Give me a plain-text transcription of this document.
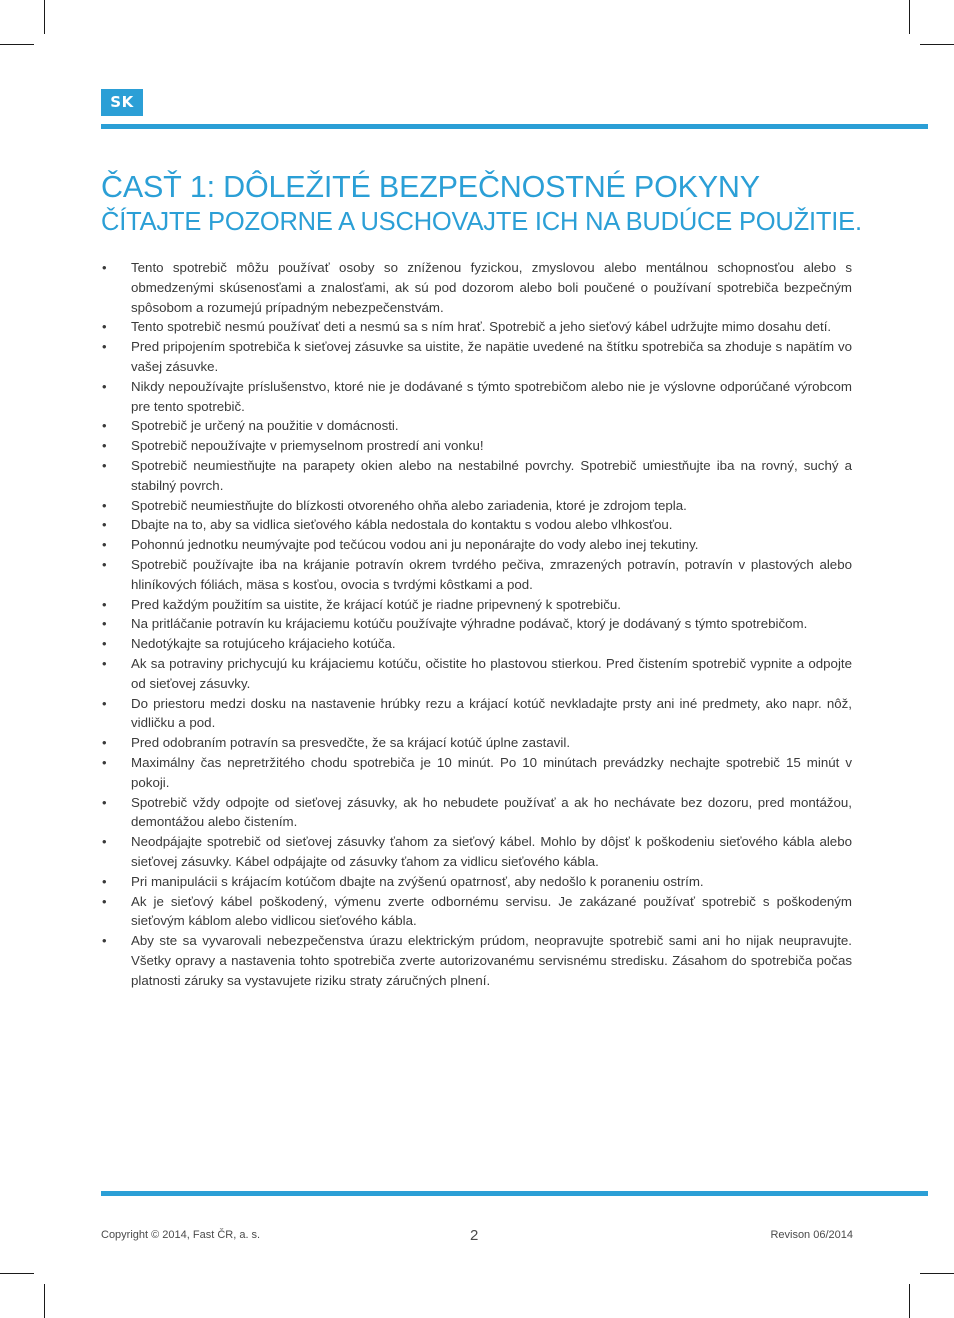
SK
ČASŤ 1: DÔLEŽITÉ BEZPEČNOSTNÉ POKYNY
ČÍTAJTE POZORNE A USCHOVAJTE ICH NA BUDÚCE POUŽITIE.
• Tento spotrebič môžu používať osoby so zníženou fyzickou, zmyslovou alebo mentálnou schopnosťou alebo s obmedzenými skúsenosťami a znalosťami, ak sú pod dozorom alebo boli poučené o používaní spotrebiča bezpečným spôsobom a rozumejú prípadným nebezpečenstvám.
• Tento spotrebič nesmú používať deti a nesmú sa s ním hrať. Spotrebič a jeho sieťový kábel udržujte mimo dosahu detí.
• Pred pripojením spotrebiča k sieťovej zásuvke sa uistite, že napätie uvedené na štítku spotrebiča sa zhoduje s napätím vo vašej zásuvke.
• Nikdy nepoužívajte príslušenstvo, ktoré nie je dodávané s týmto spotrebičom alebo nie je výslovne odporúčané výrobcom pre tento spotrebič.
• Spotrebič je určený na použitie v domácnosti.
• Spotrebič nepoužívajte v priemyselnom prostredí ani vonku!
• Spotrebič neumiestňujte na parapety okien alebo na nestabilné povrchy. Spotrebič umiestňujte iba na rovný, suchý a stabilný povrch.
• Spotrebič neumiestňujte do blízkosti otvoreného ohňa alebo zariadenia, ktoré je zdrojom tepla.
• Dbajte na to, aby sa vidlica sieťového kábla nedostala do kontaktu s vodou alebo vlhkosťou.
• Pohonnú jednotku neumývajte pod tečúcou vodou ani ju neponárajte do vody alebo inej tekutiny.
• Spotrebič používajte iba na krájanie potravín okrem tvrdého pečiva, zmrazených potravín, potravín v plastových alebo hliníkových fóliách, mäsa s kosťou, ovocia s tvrdými kôstkami a pod.
• Pred každým použitím sa uistite, že krájací kotúč je riadne pripevnený k spotrebiču.
• Na pritláčanie potravín ku krájaciemu kotúču používajte výhradne podávač, ktorý je dodávaný s týmto spotrebičom.
• Nedotýkajte sa rotujúceho krájacieho kotúča.
• Ak sa potraviny prichycujú ku krájaciemu kotúču, očistite ho plastovou stierkou. Pred čistením spotrebič vypnite a odpojte od sieťovej zásuvky.
• Do priestoru medzi dosku na nastavenie hrúbky rezu a krájací kotúč nevkladajte prsty ani iné predmety, ako napr. nôž, vidličku a pod.
• Pred odobraním potravín sa presvedčte, že sa krájací kotúč úplne zastavil.
• Maximálny čas nepretržitého chodu spotrebiča je 10 minút. Po 10 minútach prevádzky nechajte spotrebič 15 minút v pokoji.
• Spotrebič vždy odpojte od sieťovej zásuvky, ak ho nebudete používať a ak ho nechávate bez dozoru, pred montážou, demontážou alebo čistením.
• Neodpájajte spotrebič od sieťovej zásuvky ťahom za sieťový kábel. Mohlo by dôjsť k poškodeniu sieťového kábla alebo sieťovej zásuvky. Kábel odpájajte od zásuvky ťahom za vidlicu sieťového kábla.
• Pri manipulácii s krájacím kotúčom dbajte na zvýšenú opatrnosť, aby nedošlo k poraneniu ostrím.
• Ak je sieťový kábel poškodený, výmenu zverte odbornému servisu. Je zakázané používať spotrebič s poškodeným sieťovým káblom alebo vidlicou sieťového kábla.
• Aby ste sa vyvarovali nebezpečenstva úrazu elektrickým prúdom, neopravujte spotrebič sami ani ho nijak neupravujte. Všetky opravy a nastavenia tohto spotrebiča zverte autorizovanému servisnému stredisku. Zásahom do spotrebiča počas platnosti záruky sa vystavujete riziku straty záručných plnení.
Copyright © 2014, Fast ČR, a. s.	2	Revison 06/2014
